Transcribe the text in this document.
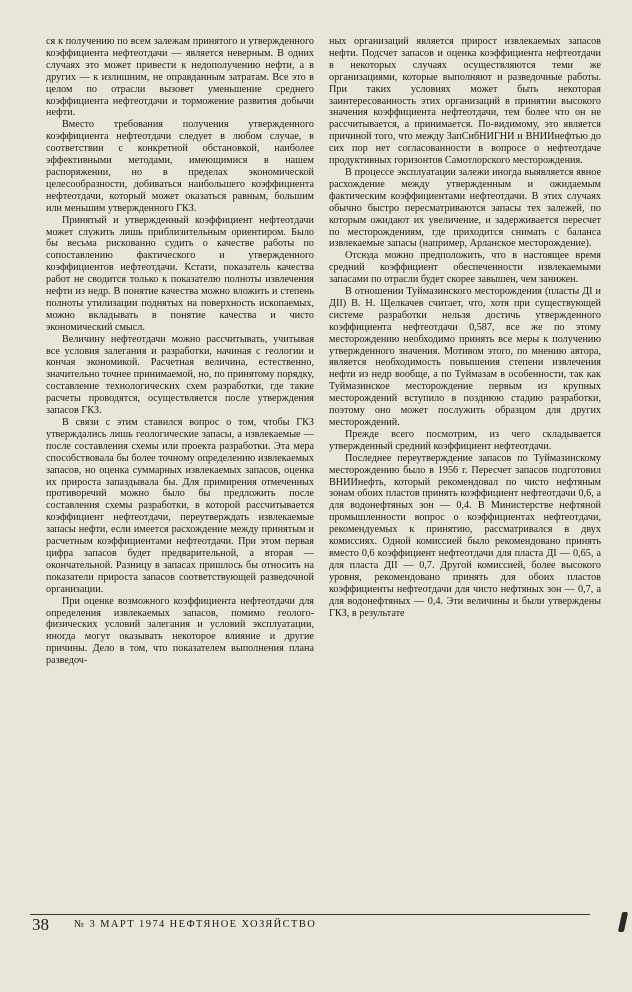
ся к получению по всем залежам принятого и утвержденного коэффициента нефтеотдачи — является неверным. В одних случаях это может привести к недополучению нефти, а в других — к излишним, не оправданным затратам. Все это в целом по отрасли вызовет уменьшение среднего коэффициента нефтеотдачи и торможение развития добычи нефти.

Вместо требования получения утвержденного коэффициента нефтеотдачи следует в любом случае, в соответствии с конкретной обстановкой, наиболее эффективными методами, имеющимися в нашем распоряжении, но в пределах экономической целесообразности, добиваться наибольшего коэффициента нефтеотдачи, который может оказаться равным, большим или меньшим утвержденного ГКЗ.

Принятый и утвержденный коэффициент нефтеотдачи может служить лишь приблизительным ориентиром. Было бы весьма рискованно судить о качестве работы по сопоставлению фактического и утвержденного коэффициентов нефтеотдачи. Кстати, показатель качества работ не сводится только к показателю полноты извлечения нефти из недр. В понятие качества можно вложить и степень полноты утилизации поднятых на поверхность ископаемых, можно вкладывать в понятие качества и чисто экономический смысл.

Величину нефтеотдачи можно рассчитывать, учитывая все условия залегания и разработки, начиная с геологии и кончая экономикой. Расчетная величина, естественно, значительно точнее принимаемой, но, по принятому порядку, составление технологических схем разработки, где такие расчеты проводятся, осуществляется после утверждения запасов ГКЗ.

В связи с этим ставился вопрос о том, чтобы ГКЗ утверждались лишь геологические запасы, а извлекаемые — после составления схемы или проекта разработки. Эта мера способствовала бы более точному определению извлекаемых запасов, но оценка суммарных извлекаемых запасов, оценка их прироста запаздывала бы. Для примирения отмеченных противоречий можно было бы предложить после составления схемы разработки, в которой рассчитывается коэффициент нефтеотдачи, переутверждать извлекаемые запасы нефти, если имеется расхождение между принятым и расчетным коэффициентами нефтеотдачи. При этом первая цифра запасов будет предварительной, а вторая — окончательной. Разницу в запасах пришлось бы относить на показатели прироста запасов соответствующей разведочной организации.

При оценке возможного коэффициента нефтеотдачи для определения извлекаемых запасов, помимо геолого-физических условий залегания и условий эксплуатации, иногда могут оказывать некоторое влияние и другие причины. Дело в том, что показателем выполнения плана разведоч-

ных организаций является прирост извлекаемых запасов нефти. Подсчет запасов и оценка коэффициента нефтеотдачи в некоторых случаях осуществляются теми же организациями, которые выполняют и разведочные работы. При таких условиях может быть некоторая заинтересованность этих организаций в принятии высокого значения коэффициента нефтеотдачи, тем более что он не рассчитывается, а принимается. По-видимому, это является причиной того, что между ЗапСибНИГНИ и ВНИИнефтью до сих пор нет согласованности в вопросе о нефтеотдаче продуктивных горизонтов Самотлорского месторождения.

В процессе эксплуатации залежи иногда выявляется явное расхождение между утвержденным и ожидаемым фактическим коэффициентами нефтеотдачи. В этих случаях обычно быстро пересматриваются запасы тех залежей, по которым ожидают их увеличение, и задерживается пересчет по месторождениям, где приходится снимать с баланса извлекаемые запасы (например, Арланское месторождение).

Отсюда можно предположить, что в настоящее время средний коэффициент обеспеченности извлекаемыми запасами по отрасли будет скорее завышен, чем занижен.

В отношении Туймазинского месторождения (пласты ДI и ДII) В. Н. Щелкачев считает, что, хотя при существующей системе разработки нельзя достичь утвержденного коэффициента нефтеотдачи 0,587, все же по этому месторождению необходимо принять все меры к получению утвержденного значения. Мотивом этого, по мнению автора, является необходимость повышения степени извлечения нефти из недр вообще, а по Туймазам в особенности, так как Туймазинское месторождение первым из крупных месторождений вступило в позднюю стадию разработки, поэтому оно может послужить образцом для других месторождений.

Прежде всего посмотрим, из чего складывается утвержденный средний коэффициент нефтеотдачи.

Последнее переутверждение запасов по Туймазинскому месторождению было в 1956 г. Пересчет запасов подготовил ВНИИнефть, который рекомендовал по чисто нефтяным зонам обоих пластов принять коэффициент нефтеотдачи 0,6, а для водонефтяных зон — 0,4. В Министерстве нефтяной промышленности вопрос о коэффициентах нефтеотдачи, рекомендуемых к принятию, рассматривался в двух комиссиях. Одной комиссией было рекомендовано принять вместо 0,6 коэффициент нефтеотдачи для пласта ДI — 0,65, а для пласта ДII — 0,7. Другой комиссией, более высокого уровня, рекомендовано принять для обоих пластов коэффициенты нефтеотдачи для чисто нефтяных зон — 0,7, а для водонефтяных — 0,4. Эти величины и были утверждены ГКЗ, в результате

38 № 3 МАРТ 1974 НЕФТЯНОЕ ХОЗЯЙСТВО
